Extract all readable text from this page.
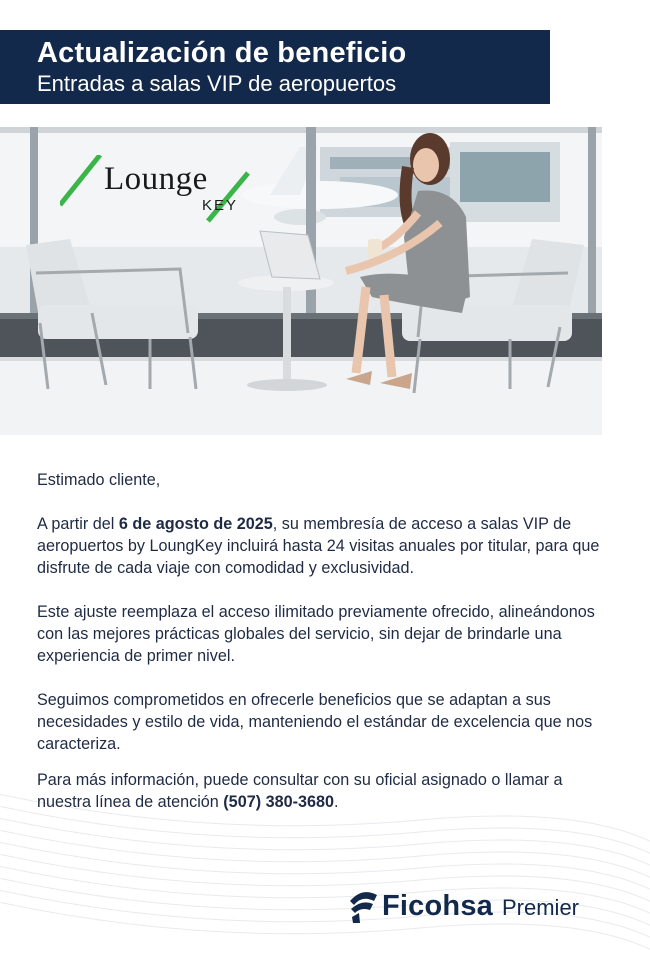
Actualización de beneficio
Entradas a salas VIP de aeropuertos
Lounge
KEY

Estimado cliente,

A partir del 6 de agosto de 2025, su membresía de acceso a salas VIP de aeropuertos by LoungKey incluirá hasta 24 visitas anuales por titular, para que disfrute de cada viaje con comodidad y exclusividad.

Este ajuste reemplaza el acceso ilimitado previamente ofrecido, alineándonos con las mejores prácticas globales del servicio, sin dejar de brindarle una experiencia de primer nivel.

Seguimos comprometidos en ofrecerle beneficios que se adaptan a sus necesidades y estilo de vida, manteniendo el estándar de excelencia que nos caracteriza.

Para más información, puede consultar con su oficial asignado o llamar a nuestra línea de atención (507) 380-3680.

Ficohsa Premier
